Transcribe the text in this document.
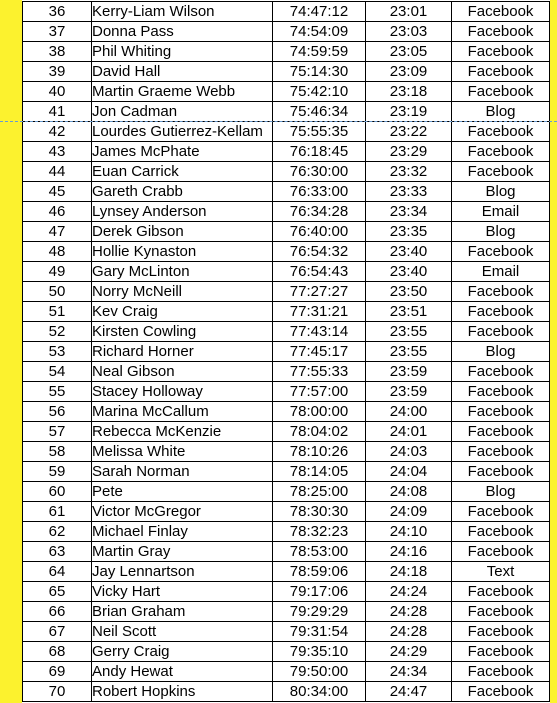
36	Kerry-Liam Wilson	74:47:12	23:01	Facebook
37	Donna Pass	74:54:09	23:03	Facebook
38	Phil Whiting	74:59:59	23:05	Facebook
39	David Hall	75:14:30	23:09	Facebook
40	Martin Graeme Webb	75:42:10	23:18	Facebook
41	Jon Cadman	75:46:34	23:19	Blog
42	Lourdes Gutierrez-Kellam	75:55:35	23:22	Facebook
43	James McPhate	76:18:45	23:29	Facebook
44	Euan Carrick	76:30:00	23:32	Facebook
45	Gareth Crabb	76:33:00	23:33	Blog
46	Lynsey Anderson	76:34:28	23:34	Email
47	Derek Gibson	76:40:00	23:35	Blog
48	Hollie Kynaston	76:54:32	23:40	Facebook
49	Gary McLinton	76:54:43	23:40	Email
50	Norry McNeill	77:27:27	23:50	Facebook
51	Kev Craig	77:31:21	23:51	Facebook
52	Kirsten Cowling	77:43:14	23:55	Facebook
53	Richard Horner	77:45:17	23:55	Blog
54	Neal Gibson	77:55:33	23:59	Facebook
55	Stacey Holloway	77:57:00	23:59	Facebook
56	Marina McCallum	78:00:00	24:00	Facebook
57	Rebecca McKenzie	78:04:02	24:01	Facebook
58	Melissa White	78:10:26	24:03	Facebook
59	Sarah Norman	78:14:05	24:04	Facebook
60	Pete	78:25:00	24:08	Blog
61	Victor McGregor	78:30:30	24:09	Facebook
62	Michael Finlay	78:32:23	24:10	Facebook
63	Martin Gray	78:53:00	24:16	Facebook
64	Jay Lennartson	78:59:06	24:18	Text
65	Vicky Hart	79:17:06	24:24	Facebook
66	Brian Graham	79:29:29	24:28	Facebook
67	Neil Scott	79:31:54	24:28	Facebook
68	Gerry Craig	79:35:10	24:29	Facebook
69	Andy Hewat	79:50:00	24:34	Facebook
70	Robert Hopkins	80:34:00	24:47	Facebook
